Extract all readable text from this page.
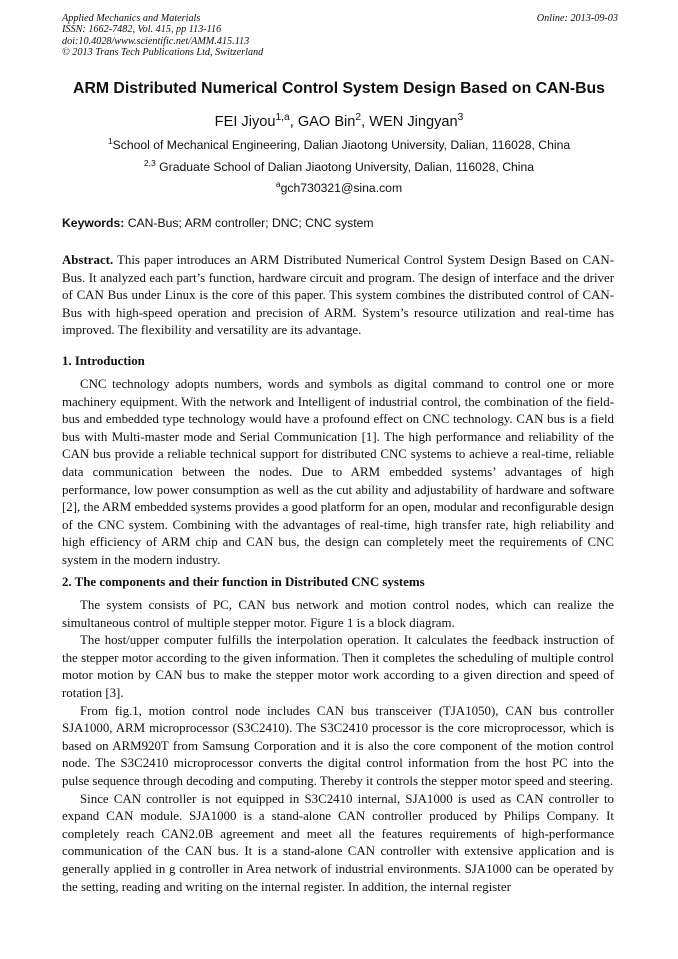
Applied Mechanics and Materials
ISSN: 1662-7482, Vol. 415, pp 113-116
doi:10.4028/www.scientific.net/AMM.415.113
© 2013 Trans Tech Publications Ltd, Switzerland
Online: 2013-09-03
ARM Distributed Numerical Control System Design Based on CAN-Bus
FEI Jiyou$^{1,a}$, GAO Bin$^2$, WEN Jingyan$^3$
$^1$School of Mechanical Engineering, Dalian Jiaotong University, Dalian, 116028, China
$^{2,3}$ Graduate School of Dalian Jiaotong University, Dalian, 116028, China
$^a$gch730321@sina.com
Keywords: CAN-Bus; ARM controller; DNC; CNC system

Abstract. This paper introduces an ARM Distributed Numerical Control System Design Based on CAN-Bus. It analyzed each part’s function, hardware circuit and program. The design of interface and the driver of CAN Bus under Linux is the core of this paper. This system combines the distributed control of CAN-Bus with high-speed operation and precision of ARM. System’s resource utilization and real-time has improved. The flexibility and versatility are its advantage.

1. Introduction

CNC technology adopts numbers, words and symbols as digital command to control one or more machinery equipment. With the network and Intelligent of industrial control, the combination of the field-bus and embedded type technology would have a profound effect on CNC technology. CAN bus is a field bus with Multi-master mode and Serial Communication [1]. The high performance and reliability of the CAN bus provide a reliable technical support for distributed CNC systems to achieve a real-time, reliable data communication between the nodes. Due to ARM embedded systems’ advantages of high performance, low power consumption as well as the cut ability and adjustability of hardware and software [2], the ARM embedded systems provides a good platform for an open, modular and reconfigurable design of the CNC system. Combining with the advantages of real-time, high transfer rate, high reliability and high efficiency of ARM chip and CAN bus, the design can completely meet the requirements of CNC system in the modern industry.

2. The components and their function in Distributed CNC systems

The system consists of PC, CAN bus network and motion control nodes, which can realize the simultaneous control of multiple stepper motor. Figure 1 is a block diagram.

The host/upper computer fulfills the interpolation operation. It calculates the feedback instruction of the stepper motor according to the given information. Then it completes the scheduling of multiple control motor motion by CAN bus to make the stepper motor work according to a given direction and speed of rotation [3].

From fig.1, motion control node includes CAN bus transceiver (TJA1050), CAN bus controller SJA1000, ARM microprocessor (S3C2410). The S3C2410 processor is the core microprocessor, which is based on ARM920T from Samsung Corporation and it is also the core component of the motion control node. The S3C2410 microprocessor converts the digital control information from the host PC into the pulse sequence through decoding and computing. Thereby it controls the stepper motor speed and steering.

Since CAN controller is not equipped in S3C2410 internal, SJA1000 is used as CAN controller to expand CAN module. SJA1000 is a stand-alone CAN controller produced by Philips Company. It completely reach CAN2.0B agreement and meet all the features requirements of high-performance communication of the CAN bus. It is a stand-alone CAN controller with extensive application and is generally applied in g controller in Area network of industrial environments. SJA1000 can be operated by the setting, reading and writing on the internal register. In addition, the internal register
